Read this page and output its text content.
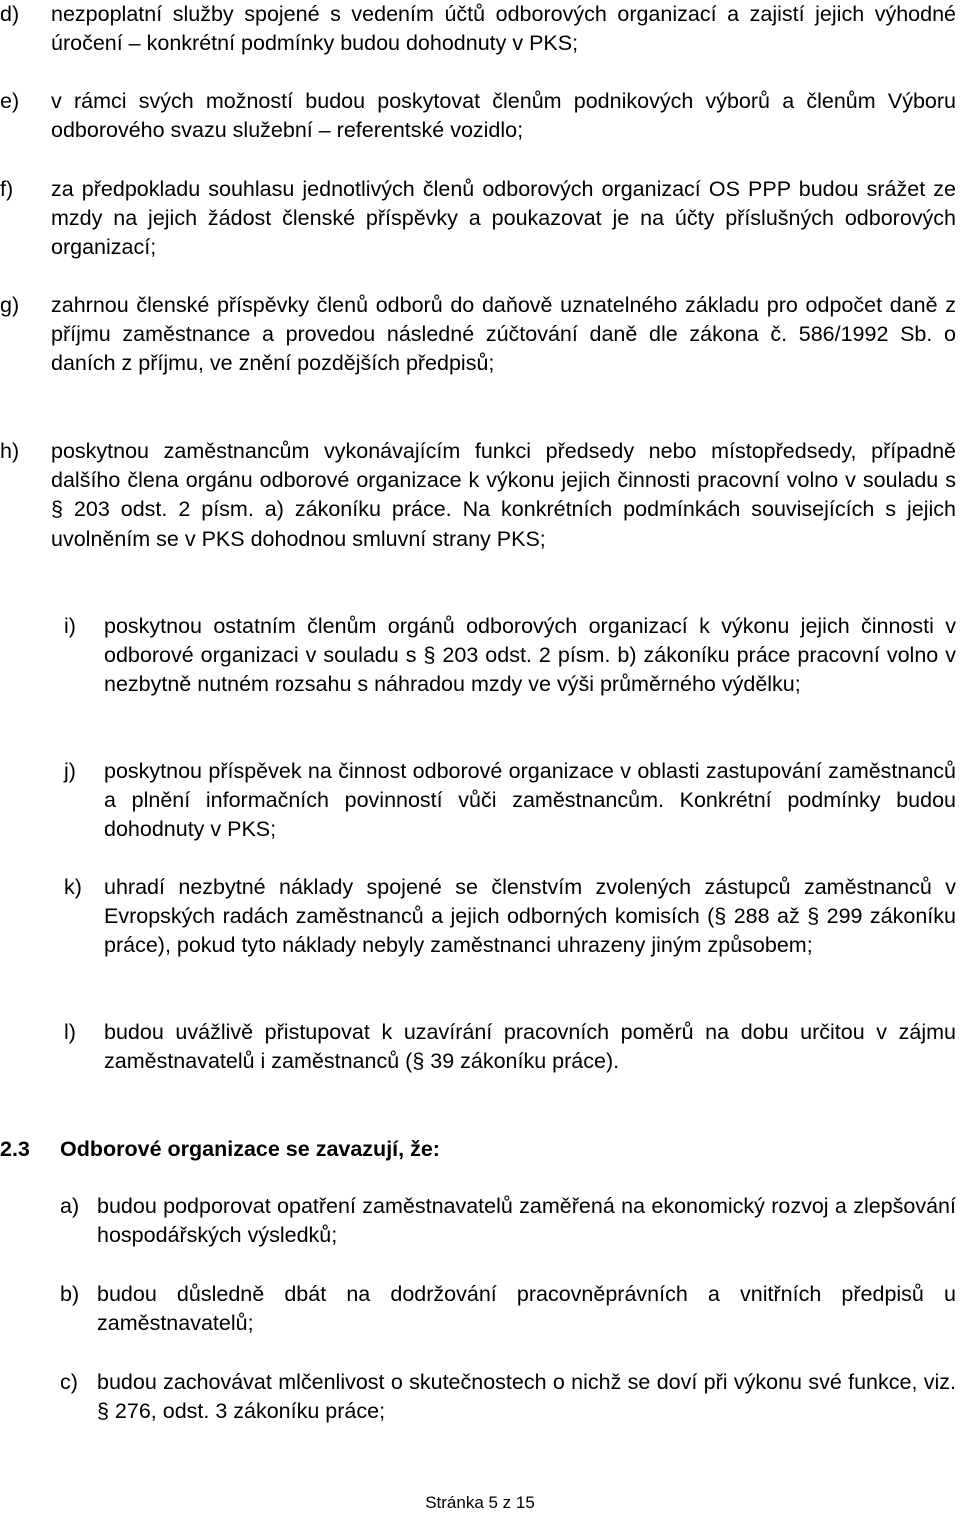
d)	nezpoplatní služby spojené s vedením účtů odborových organizací a zajistí jejich výhodné úročení – konkrétní podmínky budou dohodnuty v PKS;
e)	v rámci svých možností budou poskytovat členům podnikových výborů a členům Výboru odborového svazu služební – referentské vozidlo;
f)	za předpokladu souhlasu jednotlivých členů odborových organizací OS PPP budou srážet ze mzdy na jejich žádost členské příspěvky a poukazovat je na účty příslušných odborových organizací;
g)	zahrnou členské příspěvky členů odborů do daňově uznatelného základu pro odpočet daně z příjmu zaměstnance a provedou následné zúčtování daně dle zákona č. 586/1992 Sb. o daních z příjmu, ve znění pozdějších předpisů;
h)	poskytnou zaměstnancům vykonávajícím funkci předsedy nebo místopředsedy, případně dalšího člena orgánu odborové organizace k výkonu jejich činnosti pracovní volno v souladu s § 203 odst. 2 písm. a) zákoníku práce. Na konkrétních podmínkách souvisejících s jejich uvolněním se v PKS dohodnou smluvní strany PKS;
i)	poskytnou ostatním členům orgánů odborových organizací k výkonu jejich činnosti v odborové organizaci v souladu s § 203 odst. 2 písm. b) zákoníku práce pracovní volno v nezbytně nutném rozsahu s náhradou mzdy ve výši průměrného výdělku;
j)	poskytnou příspěvek na činnost odborové organizace v oblasti zastupování zaměstnanců a plnění informačních povinností vůči zaměstnancům. Konkrétní podmínky budou dohodnuty v PKS;
k)	uhradí nezbytné náklady spojené se členstvím zvolených zástupců zaměstnanců v Evropských radách zaměstnanců a jejich odborných komisích (§ 288 až § 299 zákoníku práce), pokud tyto náklady nebyly zaměstnanci uhrazeny jiným způsobem;
l)	budou uvážlivě přistupovat k uzavírání pracovních poměrů na dobu určitou v zájmu zaměstnavatelů i zaměstnanců (§ 39 zákoníku práce).
2.3 Odborové organizace se zavazují, že:
a) budou podporovat opatření zaměstnavatelů zaměřená na ekonomický rozvoj a zlepšování hospodářských výsledků;
b) budou důsledně dbát na dodržování pracovněprávních a vnitřních předpisů u zaměstnavatelů;
c) budou zachovávat mlčenlivost o skutečnostech o nichž se doví při výkonu své funkce, viz. § 276, odst. 3 zákoníku práce;
Stránka 5 z 15
